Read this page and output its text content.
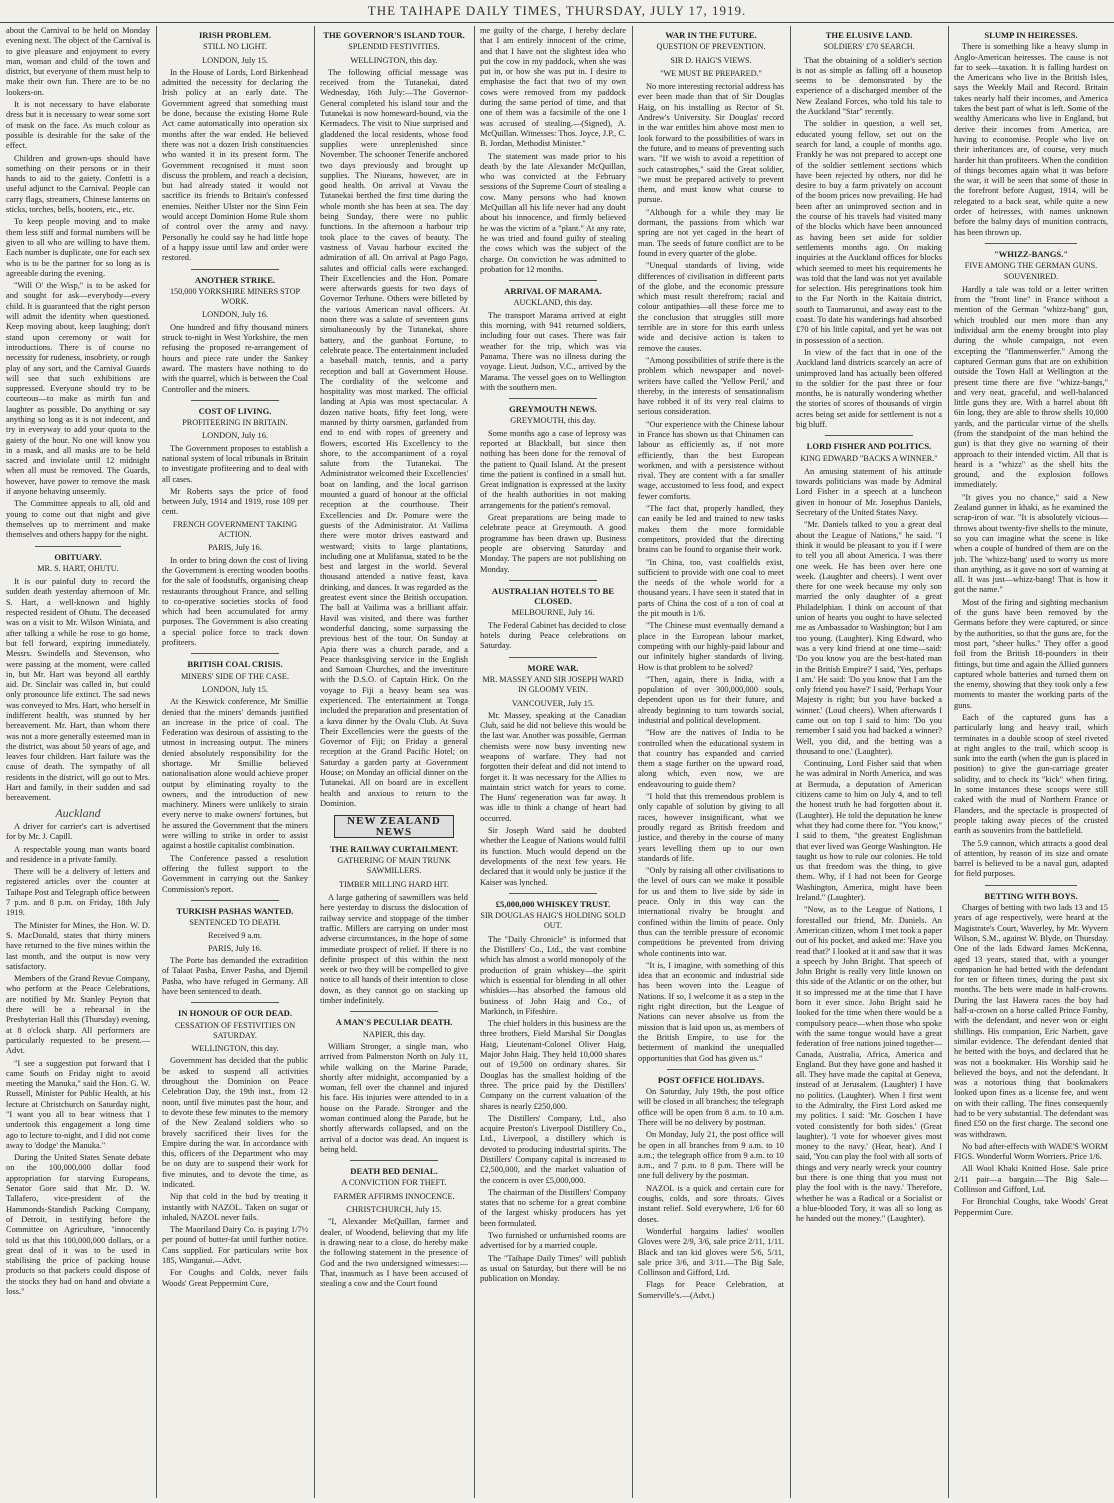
THE TAIHAPE DAILY TIMES, THURSDAY, JULY 17, 1919.

about the Carnival to be held on Monday evening next. The object of the Carnival is to give pleasure and enjoyment to every man, woman and child of the town and district, but everyone of them must help to make their own fun. There are to be no lookers-on.

It is not necessary to have elaborate dress but it is necessary to wear some sort of mask on the face. As much colour as possible is desirable for the sake of the effect.

Children and grown-ups should have something on their persons or in their hands to aid to the gaiety. Confetti is a useful adjunct to the Carnival. People can carry flags, streamers, Chinese lanterns on sticks, torches, bells, hooters, etc., etc.

To keep people moving and to make them less stiff and formal numbers will be given to all who are willing to have them. Each number is duplicate, one for each sex who is to be the partner for so long as is agreeable during the evening.

"Will O' the Wisp," is to be asked for and sought for ask—everybody—every child. It is guaranteed that the right person will admit the identity when questioned. Keep moving about, keep laughing; don't stand upon ceremony or wait for introductions. There is of course no necessity for rudeness, insobriety, or rough play of any sort, and the Carnival Guards will see that such exhibitions are suppressed. Everyone should try to be courteous—to make as mirth fun and laughter as possible. Do anything or say anything so long as it is not indecent, and try in everyway to add your quota to the gaiety of the hour. No one will know you in a mask, and all masks are to be held sacred and inviolate until 12 midnight when all must be removed. The Guards, however, have power to remove the mask if anyone behaving unseemly.

The Committee appeals to all, old and young to come out that night and give themselves up to merriment and make themselves and others happy for the night.

OBITUARY.
MR. S. HART, OHUTU.

It is our painful duty to record the sudden death yesterday afternoon of Mr. S. Hart, a well-known and highly respected resident of Ohutu. The deceased was on a visit to Mr. Wilson Winiata, and after talking a while he rose to go home, but fell forward, expiring immediately. Messrs. Swindells and Stevenson, who were passing at the moment, were called in, but Mr. Hart was beyond all earthly aid. Dr. Sinclair was called in, but could only pronounce life extinct. The sad news was conveyed to Mrs. Hart, who herself in indifferent health, was stunned by her bereavement. Mr. Hart, than whom there was not a more generally esteemed man in the district, was about 50 years of age, and leaves four children. Hart failure was the cause of death. The sympathy of all residents in the district, will go out to Mrs. Hart and family, in their sudden and sad bereavement.

Auckland

A driver for carrier's cart is advertised for by Mr. J. Capill.

A respectable young man wants board and residence in a private family.

There will be a delivery of letters and registered articles over the counter at Taihape Post and Telegraph office between 7 p.m. and 8 p.m. on Friday, 18th July 1919.

The Minister for Mines, the Hon. W. D. S. MacDonald, states that thirty miners have returned to the five mines within the last month, and the output is now very satisfactory.

Members of the Grand Revue Company, who perform at the Peace Celebrations, are notified by Mr. Stanley Peyton that there will be a rehearsal in the Presbyterian Hall this (Thursday) evening, at 8 o'clock sharp. All performers are particularly requested to be present.—Advt.

"I see a suggestion put forward that I came South on Friday night to avoid meeting the Manuka," said the Hon. G. W. Russell, Minister for Public Health, at his lecture at Christchurch on Saturday night, "I want you all to bear witness that I undertook this engagement a long time ago to lecture to-night, and I did not come away to 'dodge' the Manuka."

During the United States Senate debate on the 100,000,000 dollar food appropriation for starving Europeans, Senator Gore said that Mr. D. W. Tallafero, vice-president of the Hammonds-Standish Packing Company, of Detroit, in testifying before the Committee on Agriculture, "innocently told us that this 100,000,000 dollars, or a great deal of it was to be used in stabilising the price of packing house products so that packers could dispose of the stocks they had on hand and obviate a loss."

IRISH PROBLEM.
STILL NO LIGHT.
LONDON, July 15.

In the House of Lords, Lord Birkenhead admitted the necessity for declaring the Irish policy at an early date. The Government agreed that something must be done, because the existing Home Rule Act came automatically into operation six months after the war ended. He believed there was not a dozen Irish constituencies who wanted it in its present form. The Government recognised it must soon discuss the problem, and reach a decision, but had already stated it would not sacrifice its friends to Britain's confessed enemies. Neither Ulster nor the Sinn Fein would accept Dominion Home Rule shorn of control over the army and navy. Personally he could say he had little hope of a happy issue until law and order were restored.

ANOTHER STRIKE.
150,000 YORKSHIRE MINERS STOP WORK.
LONDON, July 16.

One hundred and fifty thousand miners struck to-night in West Yorkshire, the men refusing the proposed re-arrangement of hours and piece rate under the Sankey award. The masters have nothing to do with the quarrel, which is between the Coal Controller and the miners.

COST OF LIVING.
PROFITEERING IN BRITAIN.
LONDON, July 16.

The Government proposes to establish a national system of local tribunals in Britain to investigate profiteering and to deal with all cases.

Mr Roberts says the price of food between July, 1914 and 1919, rose 109 per cent.

FRENCH GOVERNMENT TAKING ACTION.
PARIS, July 16.

In order to bring down the cost of living the Government is erecting wooden booths for the sale of foodstuffs, organising cheap restaurants throughout France, and selling to co-operative societies stocks of food which had been accumulated for army purposes. The Government is also creating a special police force to track down profiteers.

BRITISH COAL CRISIS.
MINERS' SIDE OF THE CASE.
LONDON, July 15.

At the Keswick conference, Mr Smillie denied that the miners' demands justified an increase in the price of coal. The Federation was desirous of assisting to the utmost in increasing output. The miners denied absolutely responsibility for the shortage. Mr Smillie believed nationalisation alone would achieve proper output by eliminating royalty to the owners, and the introduction of new machinery. Miners were unlikely to strain every nerve to make owners' fortunes, but he assured the Government that the miners were willing to strike in order to assist against a hostile capitalist combination.

The Conference passed a resolution offering the fullest support to the Government in carrying out the Sankey Commission's report.

TURKISH PASHAS WANTED.
SENTENCED TO DEATH.
Received 9 a.m.
PARIS, July 16.

The Porte has demanded the extradition of Talaat Pasha, Enver Pasha, and Djemil Pasha, who have refuged in Germany. All have been sentenced to death.

IN HONOUR OF OUR DEAD.
CESSATION OF FESTIVITIES ON SATURDAY.
WELLINGTON, this day.

Government has decided that the public be asked to suspend all activities throughout the Dominion on Peace Celebration Day, the 19th inst., from 12 noon, until five minutes past the hour, and to devote these few minutes to the memory of the New Zealand soldiers who so bravely sacrificed their lives for the Empire during the war. In accordance with this, officers of the Department who may be on duty are to suspend their work for five minutes, and to devote the time, as indicated.

Nip that cold in the bud by treating it instantly with NAZOL. Taken on sugar or inhaled, NAZOL never fails.

The Maoriland Dairy Co. is paying 1/7½ per pound of butter-fat until further notice. Cans supplied. For particulars write box 185, Wanganui.—Advt.

For Coughs and Colds, never fails Woods' Great Peppermint Cure,

THE GOVERNOR'S ISLAND TOUR.
SPLENDID FESTIVITIES.
WELLINGTON, this day.

The following official message was received from the Tutanekai, dated Wednesday, 16th July:—The Governor-General completed his island tour and the Tutanekai is now homeward-bound, via the Kermadecs. The visit to Niue surprised and gladdened the local residents, whose food supplies were unreplenished since November. The schooner Tenerife anchored two days previously and brought up supplies. The Niueans, however, are in good health. On arrival at Vavau the Tutanekai berthed the first time during the whole month she has been at sea. The day being Sunday, there were no public functions. In the afternoon a harbour trip took place to the caves of beauty. The vastness of Vavau harbour excited the admiration of all. On arrival at Pago Pago, salutes and official calls were exchanged. Their Excellencies and the Hon. Pomare were afterwards guests for two days of Governor Terhune. Others were billeted by the various American naval officers. At noon there was a salute of seventeen guns simultaneously by the Tutanekai, shore battery, and the gunboat Fortune, to celebrate peace. The entertainment included a baseball match, tennis, and a party reception and ball at Government House. The cordiality of the welcome and hospitality was most marked. The official landing at Apia was most spectacular. A dozen native boats, fifty feet long, were manned by thirty oarsmen, garlanded from end to end with ropes of greenery and flowers, escorted His Excellency to the shore, to the accompaniment of a royal salute from the Tutanekai. The Administrator welcomed their Excellencies' boat on landing, and the local garrison mounted a guard of honour at the official reception at the courthouse. Their Excellencies and Dr. Pomare were the guests of the Administrator. At Vailima there were motor drives eastward and westward; visits to large plantations, including one at Mulifanua, stated to be the best and largest in the world. Several thousand attended a native feast, kava drinking, and dances. It was regarded as the greatest event since the British occupation. The ball at Vailima was a brilliant affair. Havil was visited, and there was further wonderful dancing, some surpassing the previous best of the tour. On Sunday at Apia there was a church parade, and a Peace thanksgiving service in the English and Samoan Churches, and the investiture with the D.S.O. of Captain Hick. On the voyage to Fiji a heavy beam sea was experienced. The entertainment at Tonga included the preparation and presentation of a kava dinner by the Ovalu Club. At Suva Their Excellencies were the guests of the Governor of Fiji; on Friday a general reception at the Grand Pacific Hotel; on Saturday a garden party at Government House; on Monday an official dinner on the Tutanekai. All on board are in excellent health and anxious to return to the Dominion.

NEW ZEALAND NEWS
THE RAILWAY CURTAILMENT.
GATHERING OF MAIN TRUNK SAWMILLERS.
TIMBER MILLING HARD HIT.

A large gathering of sawmillers was held here yesterday to discuss the dislocation of railway service and stoppage of the timber traffic. Millers are carrying on under most adverse circumstances, in the hope of some immediate prospect of relief. If there is no definite prospect of this within the next week or two they will be compelled to give notice to all hands of their intention to close down, as they cannot go on stacking up timber indefinitely.

A MAN'S PECULIAR DEATH.
NAPIER, this day.

William Stronger, a single man, who arrived from Palmerston North on July 11, while walking on the Marine Parade, shortly after midnight, accompanied by a woman, fell over the channel and injured his face. His injuries were attended to in a house on the Parade. Stronger and the woman continued along the Parade, but he shortly afterwards collapsed, and on the arrival of a doctor was dead. An inquest is being held.

DEATH BED DENIAL.
A CONVICTION FOR THEFT.
FARMER AFFIRMS INNOCENCE.
CHRISTCHURCH, July 15.

"I, Alexander McQuillan, farmer and dealer, of Woodend, believing that my life is drawing near to a close, do hereby make the following statement in the presence of God and the two undersigned witnesses:—That, inasmuch as I have been accused of stealing a cow and the Court found

me guilty of the charge, I hereby declare that I am entirely innocent of the crime, and that I have not the slightest idea who put the cow in my paddock, when she was put in, or how she was put in. I desire to emphasise the fact that two of my own cows were removed from my paddock during the same period of time, and that one of them was a facsimile of the one I was accused of stealing.—(Signed), A. McQuillan. Witnesses: Thos. Joyce, J.P., C. B. Jordan, Methodist Minister."

The statement was made prior to his death by the late Alexander McQuillan, who was convicted at the February sessions of the Supreme Court of stealing a cow. Many persons who had known McQuillan all his life never had any doubt about his innocence, and firmly believed he was the victim of a "plant." At any rate, he was tried and found guilty of stealing the cows which was the subject of the charge. On conviction he was admitted to probation for 12 months.

ARRIVAL OF MARAMA.
AUCKLAND, this day.

The transport Marama arrived at eight this morning, with 941 returned soldiers, including four out cases. There was fair weather for the trip, which was via Panama. There was no illness during the voyage. Lieut. Judson, V.C., arrived by the Marama. The vessel goes on to Wellington with the southern men.

GREYMOUTH NEWS.
GREYMOUTH, this day.

Some months ago a case of leprosy was reported at Blackball, but since then nothing has been done for the removal of the patient to Quail Island. At the present time the patient is confined in a small hut. Great indignation is expressed at the laxity of the health authorities in not making arrangements for the patient's removal.

Great preparations are being made to celebrate peace at Greymouth. A good programme has been drawn up. Business people are observing Saturday and Monday. The papers are not publishing on Monday.

AUSTRALIAN HOTELS TO BE CLOSED.
MELBOURNE, July 16.

The Federal Cabinet has decided to close hotels during Peace celebrations on Saturday.

MORE WAR.
MR. MASSEY AND SIR JOSEPH WARD IN GLOOMY VEIN.
VANCOUVER, July 15.

Mr. Massey, speaking at the Canadian Club, said he did not believe this would be the last war. Another was possible, German chemists were now busy inventing new weapons of warfare. They had not forgotten their defeat and did not intend to forget it. It was necessary for the Allies to maintain strict watch for years to come. The Huns' regeneration was far away. It was idle to think a change of heart had occurred.

Sir Joseph Ward said he doubted whether the League of Nations would fulfil its function. Much would depend on the developments of the next few years. He declared that it would only be justice if the Kaiser was lynched.

£5,000,000 WHISKEY TRUST.
SIR DOUGLAS HAIG'S HOLDING SOLD OUT.

The "Daily Chronicle" is informed that the Distillers' Co., Ltd., the vast combine which has almost a world monopoly of the production of grain whiskey—the spirit which is essential for blending in all other whiskies—has absorbed the famous old business of John Haig and Co., of Markinch, in Fifeshire.

The chief holders in this business are the three brothers, Field Marshal Sir Douglas Haig, Lieutenant-Colonel Oliver Haig, Major John Haig. They held 10,000 shares out of 19,500 on ordinary shares. Sir Douglas has the smallest holding of the three. The price paid by the Distillers' Company on the current valuation of the shares is nearly £250,000.

The Distillers' Company, Ltd., also acquire Preston's Liverpool Distillery Co., Ltd., Liverpool, a distillery which is devoted to producing industrial spirits. The Distillers' Company capital is increased to £2,500,000, and the market valuation of the concern is over £5,000,000.

The chairman of the Distillers' Company states that no scheme for a great combine of the largest whisky producers has yet been formulated.

Two furnished or unfurnished rooms are advertised for by a married couple.

The "Taihape Daily Times" will publish as usual on Saturday, but there will be no publication on Monday.

WAR IN THE FUTURE.
QUESTION OF PREVENTION.
SIR D. HAIG'S VIEWS.
"WE MUST BE PREPARED."

No more interesting rectorial address has ever been made than that of Sir Douglas Haig, on his installing as Rector of St. Andrew's University. Sir Douglas' record in the war entitles him above most men to look forward to the possibilities of wars in the future, and to means of preventing such wars. "If we wish to avoid a repetition of such catastrophes," said the Great soldier, "we must be prepared actively to prevent them, and must know what course to pursue.

"Although for a while they may lie dormant, the passions from which war spring are not yet caged in the heart of man. The seeds of future conflict are to be found in every quarter of the globe.

"Unequal standards of living, wide differences of civilisation in different parts of the globe, and the economic pressure which must result therefrom; racial and colour antipathies—all these force me to the conclusion that struggles still more terrible are in store for this earth unless wide and decisive action is taken to remove the causes.

"Among possibilities of strife there is the problem which newspaper and novel-writers have called the 'Yellow Peril,' and thereby, in the interests of sensationalism have robbed it of its very real claims to serious consideration.

"Our experience with the Chinese labour in France has shown us that Chinamen can labour as efficiently as, if not more efficiently, than the best European workmen, and with a persistence without rival. They are content with a far smaller wage, accustomed to less food, and expect fewer comforts.

"The fact that, properly handled, they can easily be led and trained to new tasks makes them the more formidable competitors, provided that the directing brains can be found to organise their work.

"In China, too, vast coalfields exist, sufficient to provide with one coal to meet the needs of the whole world for a thousand years. I have seen it stated that in parts of China the cost of a ton of coal at the pit mouth is 1/6.

"The Chinese must eventually demand a place in the European labour market, competing with our highly-paid labour and our infinitely higher standards of living. How is that problem to be solved?

"Then, again, there is India, with a population of over 300,000,000 souls, dependent upon us for their future, and already beginning to turn towards social, industrial and political development.

"How are the natives of India to be controlled when the educational system in that country has expanded and carried them a stage further on the upward road, along which, even now, we are endeavouring to guide them?

"I hold that this tremendous problem is only capable of solution by giving to all races, however insignificant, what we proudly regard as British freedom and justice, and thereby in the course of many years levelling them up to our own standards of life.

"Only by raising all other civilisations to the level of ours can we make it possible for us and them to live side by side in peace. Only in this way can the international rivalry be brought and confined within the limits of peace. Only thus can the terrible pressure of economic competitions be prevented from driving whole continents into war.

"It is, I imagine, with something of this idea that an economic and industrial side has been woven into the League of Nations. If so, I welcome it as a step in the right right direction, but the League of Nations can never absolve us from the mission that is laid upon us, as members of the British Empire, to use for the betterment of mankind the unequalled opportunities that God has given us."

POST OFFICE HOLIDAYS.

On Saturday, July 19th, the post office will be closed in all branches; the telegraph office will be open from 8 a.m. to 10 a.m. There will be no delivery by postman.

On Monday, July 21, the post office will be open in all branches from 9 a.m. to 10 a.m.; the telegraph office from 9 a.m. to 10 a.m., and 7 p.m. to 8 p.m. There will be one full delivery by the postman.

NAZOL is a quick and certain cure for coughs, colds, and sore throats. Gives instant relief. Sold everywhere, 1/6 for 60 doses.

Wonderful bargains ladies' woollen Gloves were 2/9, 3/6, sale price 2/11, 1/11. Black and tan kid gloves were 5/6, 5/11, sale price 3/6, and 3/11.—The Big Sale, Collinson and Gifford, Ltd.

Flags for Peace Celebration, at Somerville's.—(Advt.)

THE ELUSIVE LAND.
SOLDIERS' £70 SEARCH.

That the obtaining of a soldier's section is not as simple as falling off a housetop seems to be demonstrated by the experience of a discharged member of the New Zealand Forces, who told his tale to the Auckland "Star" recently.

The soldier in question, a well set, educated young fellow, set out on the search for land, a couple of months ago. Frankly he was not prepared to accept one of the soldier settlement sections which have been rejected by others, nor did he desire to buy a farm privately on account of the boom prices now prevailing. He had been after an unimproved section and in the course of his travels had visited many of the blocks which have been announced as having been set aside for soldier settlements months ago. On making inquiries at the Auckland offices for blocks which seemed to meet his requirements he was told that the land was not yet available for selection. His peregrinations took him to the Far North in the Kaitaia district, south to Taumarunui, and away east to the coast. To date his wanderings had absorbed £70 of his little capital, and yet he was not in possession of a section.

In view of the fact that in one of the Auckland land districts scarcely an acre of unimproved land has actually been offered to the soldier for the past three or four months, he is naturally wondering whether the stories of scores of thousands of virgin acres being set aside for settlement is not a big bluff.

LORD FISHER AND POLITICS.
KING EDWARD "BACKS A WINNER."

An amusing statement of his attitude towards politicians was made by Admiral Lord Fisher in a speech at a luncheon given in honour of Mr. Josephus Daniels, Secretary of the United States Navy.

"Mr. Daniels talked to you a great deal about the League of Nations," he said. "I think it would be pleasant to you if I were to tell you all about America. I was there one week. He has been over here one week. (Laughter and cheers). I went over there for one week because my only son married the only daughter of a great Philadelphian. I think on account of that union of hearts you ought to have selected me as Ambassador to Washington; but I am too young. (Laughter). King Edward, who was a very kind friend at one time—said: 'Do you know you are the best-hated man in the British Empire?' I said, 'Yes, perhaps I am.' He said: 'Do you know that I am the only friend you have?' I said, 'Perhaps Your Majesty is right; but you have backed a winner.' (Loud cheers). When afterwards I came out on top I said to him: 'Do you remember I said you had backed a winner? Well, you did, and the betting was a thousand to one.' (Laughter).

Continuing, Lord Fisher said that when he was admiral in North America, and was at Bermuda, a deputation of American citizens came to him on July 4, and to tell the honest truth he had forgotten about it. (Laughter). He told the deputation he knew what they had come there for. "You know," I said to them, "the greatest Englishman that ever lived was George Washington. He taught us how to rule our colonies. He told us that freedom was the thing, to give them. Why, if I had not been for George Washington, America, might have been Ireland." (Laughter).

"Now, as to the League of Nations, I forestalled our friend, Mr. Daniels. An American citizen, whom I met took a paper out of his pocket, and asked me: 'Have you read that?' I looked at it and saw that it was a speech by John Bright. That speech of John Bright is really very little known on this side of the Atlantic or on the other, but it so impressed me at the time that I have born it ever since. John Bright said he looked for the time when there would be a compulsory peace—when those who spoke with the same tongue would have a great federation of free nations joined together—Canada, Australia, Africa, America and England. But they have gone and hashed it all. They have made the capital at Geneva, instead of at Jerusalem. (Laughter) I have no politics. (Laughter). When I first went to the Admiralty, the First Lord asked me my politics. I said: 'Mr. Goschen I have voted consistently for both sides.' (Great laughter). 'I vote for whoever gives most money to the navy.' (Hear, hear). And I said, 'You can play the fool with all sorts of things and very nearly wreck your country but there is one thing that you must not play the fool with is the navy.' Therefore, whether he was a Radical or a Socialist or a blue-blooded Tory, it was all so long as he handed out the money." (Laughter).

SLUMP IN HEIRESSES.

There is something like a heavy slump in Anglo-American heiresses. The cause is not far to seek—taxation. It is falling hardest on the Americans who live in the British Isles, says the Weekly Mail and Record. Britain takes nearly half their incomes, and America takes the best part of what is left. Some of the wealthy Americans who live in England, but derive their incomes from America, are having to economise. People who live on their inheritances are, of course, very much harder hit than profiteers. When the condition of things becomes again what it was before the war, it will be seen that some of those in the forefront before August, 1914, will be relegated to a back seat, while quite a new order of heiresses, with names unknown before the balmy days of munition contracts, has been thrown up.

"WHIZZ-BANGS."
FIVE AMONG THE GERMAN GUNS. SOUVENIRED.

Hardly a tale was told or a letter written from the "front line" in France without a mention of the German "whizz-bang" gun, which troubled our men more than any individual arm the enemy brought into play during the whole campaign, not even excepting the "flammenwerfer." Among the captured German guns that are on exhibition outside the Town Hall at Wellington at the present time there are five "whizz-bangs," and very neat, graceful, and well-balanced little guns they are. With a barrel about 8ft 6in long, they are able to throw shells 10,000 yards, and the particular virtue of the shells (from the standpoint of the man behind the gun) is that they give no warning of their approach to their intended victim. All that is heard is a "whizz" as the shell hits the ground, and the explosion follows immediately.

"It gives you no chance," said a New Zealand gunner in khaki, as he examined the scrap-iron of war. "It is absolutely vicious—throws about twenty-five shells to the minute, so you can imagine what the scene is like when a couple of hundred of them are on the job. The 'whizz-bang' used to worry us more than anything, as it gave no sort of warning at all. It was just—whizz-bang! That is how it got the name."

Most of the firing and sighting mechanism of the guns have been removed by the Germans before they were captured, or since by the authorities, so that the guns are, for the most part, "sheer hulks." They offer a good foil from the British 18-pounders in their fittings, but time and again the Allied gunners captured whole batteries and turned them on the enemy, showing that they took only a few moments to master the working parts of the guns.

Each of the captured guns has a particularly long and heavy trail, which terminates in a double scoop of steel riveted at right angles to the trail, which scoop is sunk into the earth (when the gun is placed in position) to give the gun-carriage greater solidity, and to check its "kick" when firing. In some instances these scoops were still caked with the mud of Northern France or Flanders, and the spectacle is prospected of people taking away pieces of the crusted earth as souvenirs from the battlefield.

The 5.9 cannon, which attracts a good deal of attention, by reason of its size and ornate barrel is believed to be a naval gun, adapted for field purposes.

BETTING WITH BOYS.

Charges of betting with two lads 13 and 15 years of age respectively, were heard at the Magistrate's Court, Waverley, by Mr. Wyvern Wilson, S.M., against W. Blyde, on Thursday. One of the lads Edward James McKenna, aged 13 years, stated that, with a younger companion he had betted with the defendant for ten or fifteen times, during the past six months. The bets were made in half-crowns. During the last Hawera races the boy had half-a-crown on a horse called Prince Fomby, with the defendant, and never won or eight shillings. His companion, Eric Narbett, gave similar evidence. The defendant denied that he betted with the boys, and declared that he was not a bookmaker. His Worship said he believed the boys, and not the defendant. It was a notorious thing that bookmakers looked upon fines as a license fee, and went on with their calling. The fines consequently had to be very substantial. The defendant was fined £50 on the first charge. The second one was withdrawn.

No bad after-effects with WADE'S WORM FIGS. Wonderful Worm Worriers. Price 1/6.

All Wool Khaki Knitted Hose. Sale price 2/11 pair—a bargain.—The Big Sale—Collinson and Gifford, Ltd.

For Bronchial Coughs, take Woods' Great Peppermint Cure.
